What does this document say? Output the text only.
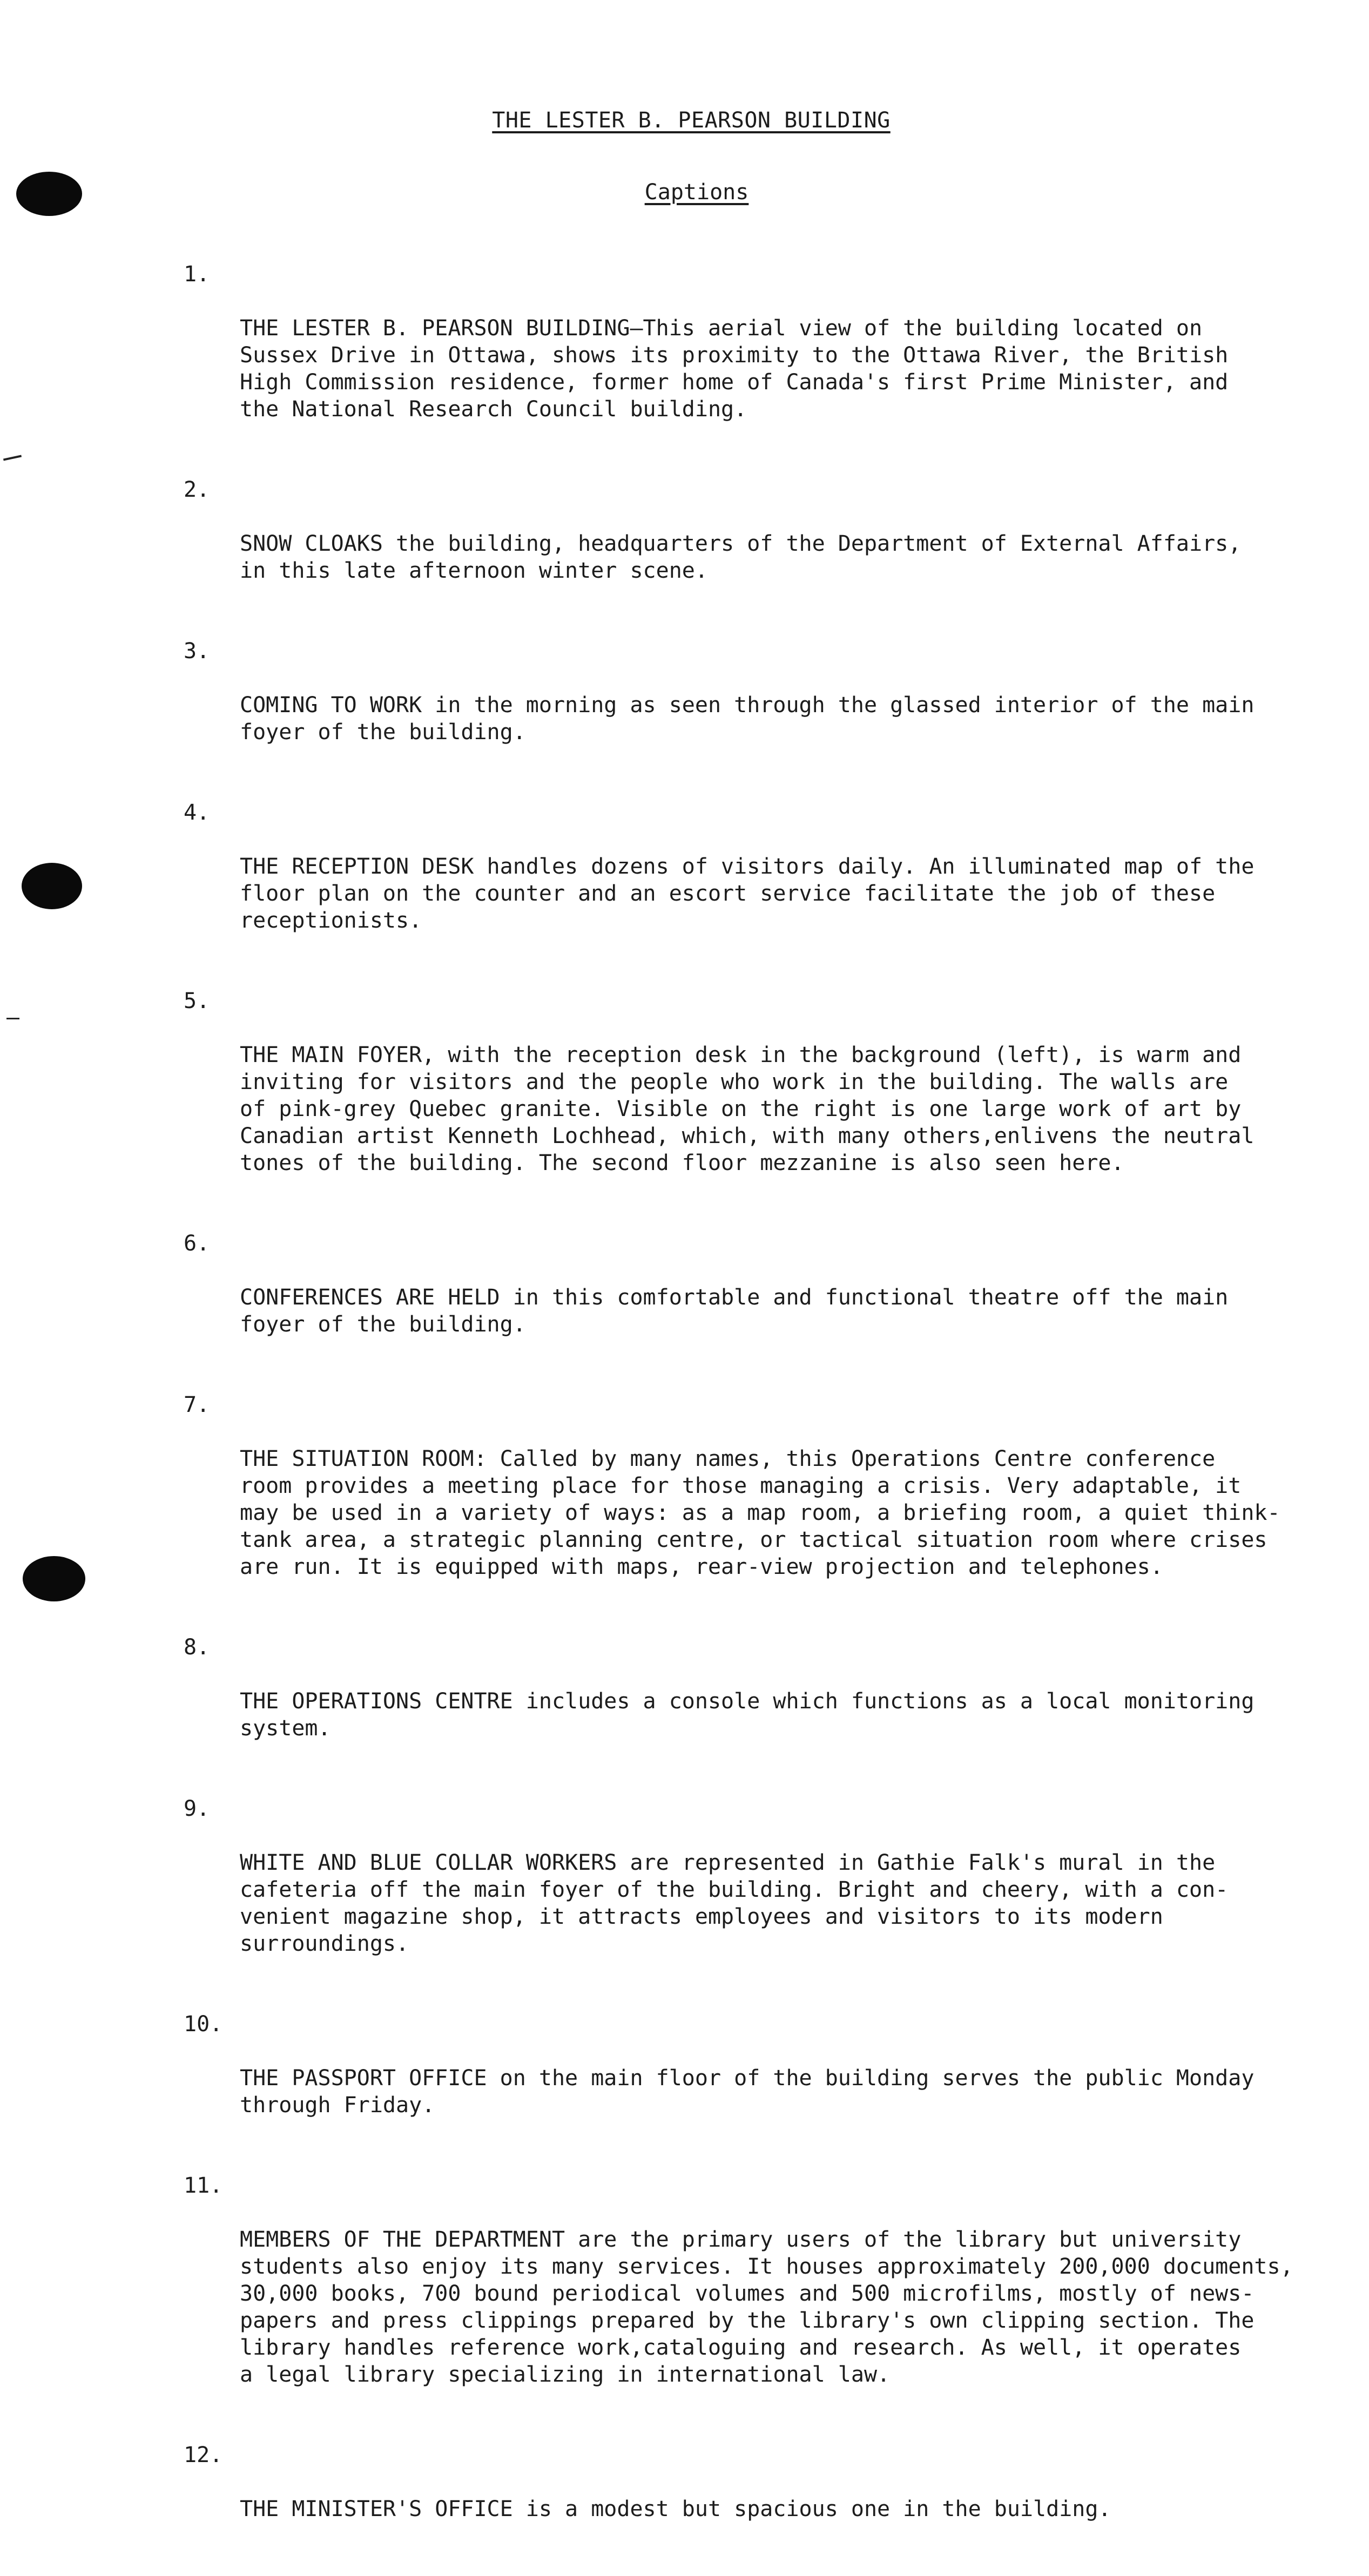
THE LESTER B. PEARSON BUILDING
Captions

1.

THE LESTER B. PEARSON BUILDING—This aerial view of the building located on
Sussex Drive in Ottawa, shows its proximity to the Ottawa River, the British
High Commission residence, former home of Canada's first Prime Minister, and
the National Research Council building.

2.

SNOW CLOAKS the building, headquarters of the Department of External Affairs,
in this late afternoon winter scene.

3.

COMING TO WORK in the morning as seen through the glassed interior of the main
foyer of the building.

4.

THE RECEPTION DESK handles dozens of visitors daily. An illuminated map of the
floor plan on the counter and an escort service facilitate the job of these
receptionists.

5.

THE MAIN FOYER, with the reception desk in the background (left), is warm and
inviting for visitors and the people who work in the building. The walls are
of pink-grey Quebec granite. Visible on the right is one large work of art by
Canadian artist Kenneth Lochhead, which, with many others,enlivens the neutral
tones of the building. The second floor mezzanine is also seen here.

6.

CONFERENCES ARE HELD in this comfortable and functional theatre off the main
foyer of the building.

7.

THE SITUATION ROOM: Called by many names, this Operations Centre conference
room provides a meeting place for those managing a crisis. Very adaptable, it
may be used in a variety of ways: as a map room, a briefing room, a quiet think-
tank area, a strategic planning centre, or tactical situation room where crises
are run. It is equipped with maps, rear-view projection and telephones.

8.

THE OPERATIONS CENTRE includes a console which functions as a local monitoring
system.

9.

WHITE AND BLUE COLLAR WORKERS are represented in Gathie Falk's mural in the
cafeteria off the main foyer of the building. Bright and cheery, with a con-
venient magazine shop, it attracts employees and visitors to its modern
surroundings.

10.

THE PASSPORT OFFICE on the main floor of the building serves the public Monday
through Friday.

11.

MEMBERS OF THE DEPARTMENT are the primary users of the library but university
students also enjoy its many services. It houses approximately 200,000 documents,
30,000 books, 700 bound periodical volumes and 500 microfilms, mostly of news-
papers and press clippings prepared by the library's own clipping section. The
library handles reference work,cataloguing and research. As well, it operates
a legal library specializing in international law.

12.

THE MINISTER'S OFFICE is a modest but spacious one in the building.
